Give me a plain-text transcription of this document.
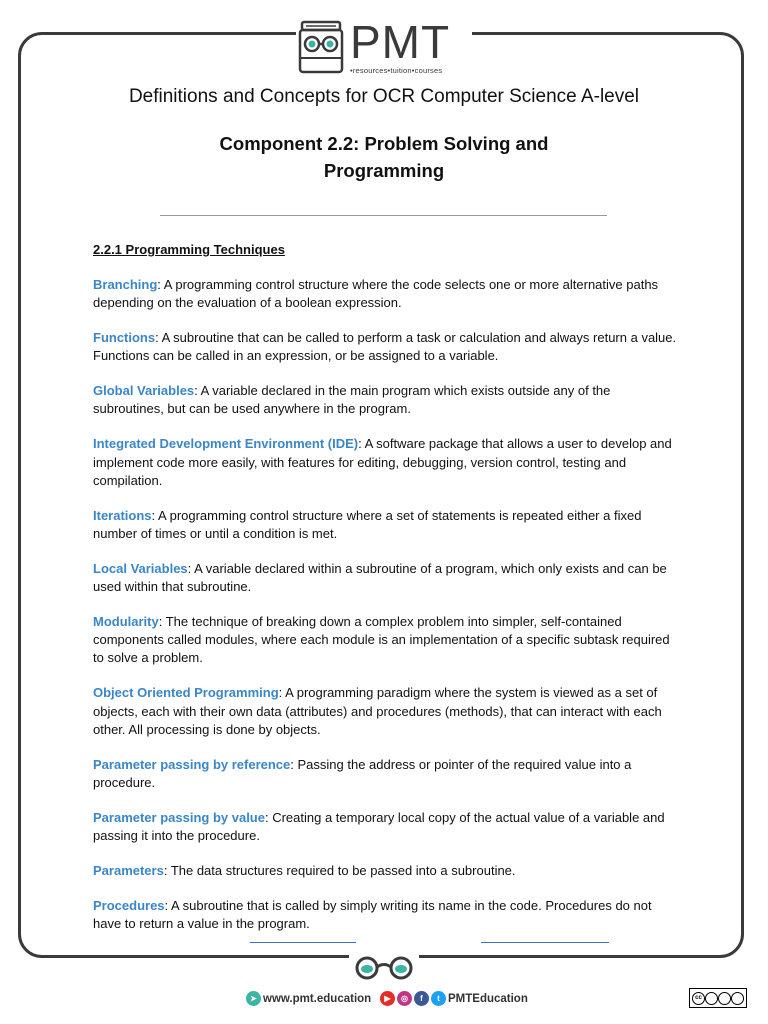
PMT
•resources•tuition•courses
Definitions and Concepts for OCR Computer Science A-level
Component 2.2: Problem Solving and Programming
2.2.1 Programming Techniques

Branching: A programming control structure where the code selects one or more alternative paths depending on the evaluation of a boolean expression.

Functions: A subroutine that can be called to perform a task or calculation and always return a value. Functions can be called in an expression, or be assigned to a variable.

Global Variables: A variable declared in the main program which exists outside any of the subroutines, but can be used anywhere in the program.

Integrated Development Environment (IDE): A software package that allows a user to develop and implement code more easily, with features for editing, debugging, version control, testing and compilation.

Iterations: A programming control structure where a set of statements is repeated either a fixed number of times or until a condition is met.

Local Variables: A variable declared within a subroutine of a program, which only exists and can be used within that subroutine.

Modularity: The technique of breaking down a complex problem into simpler, self-contained components called modules, where each module is an implementation of a specific subtask required to solve a problem.

Object Oriented Programming: A programming paradigm where the system is viewed as a set of objects, each with their own data (attributes) and procedures (methods), that can interact with each other. All processing is done by objects.

Parameter passing by reference: Passing the address or pointer of the required value into a procedure.

Parameter passing by value: Creating a temporary local copy of the actual value of a variable and passing it into the procedure.

Parameters: The data structures required to be passed into a subroutine.

Procedures: A subroutine that is called by simply writing its name in the code. Procedures do not have to return a value in the program.

➤ www.pmt.education	▶	◎	f	t PMTEducation	cc
